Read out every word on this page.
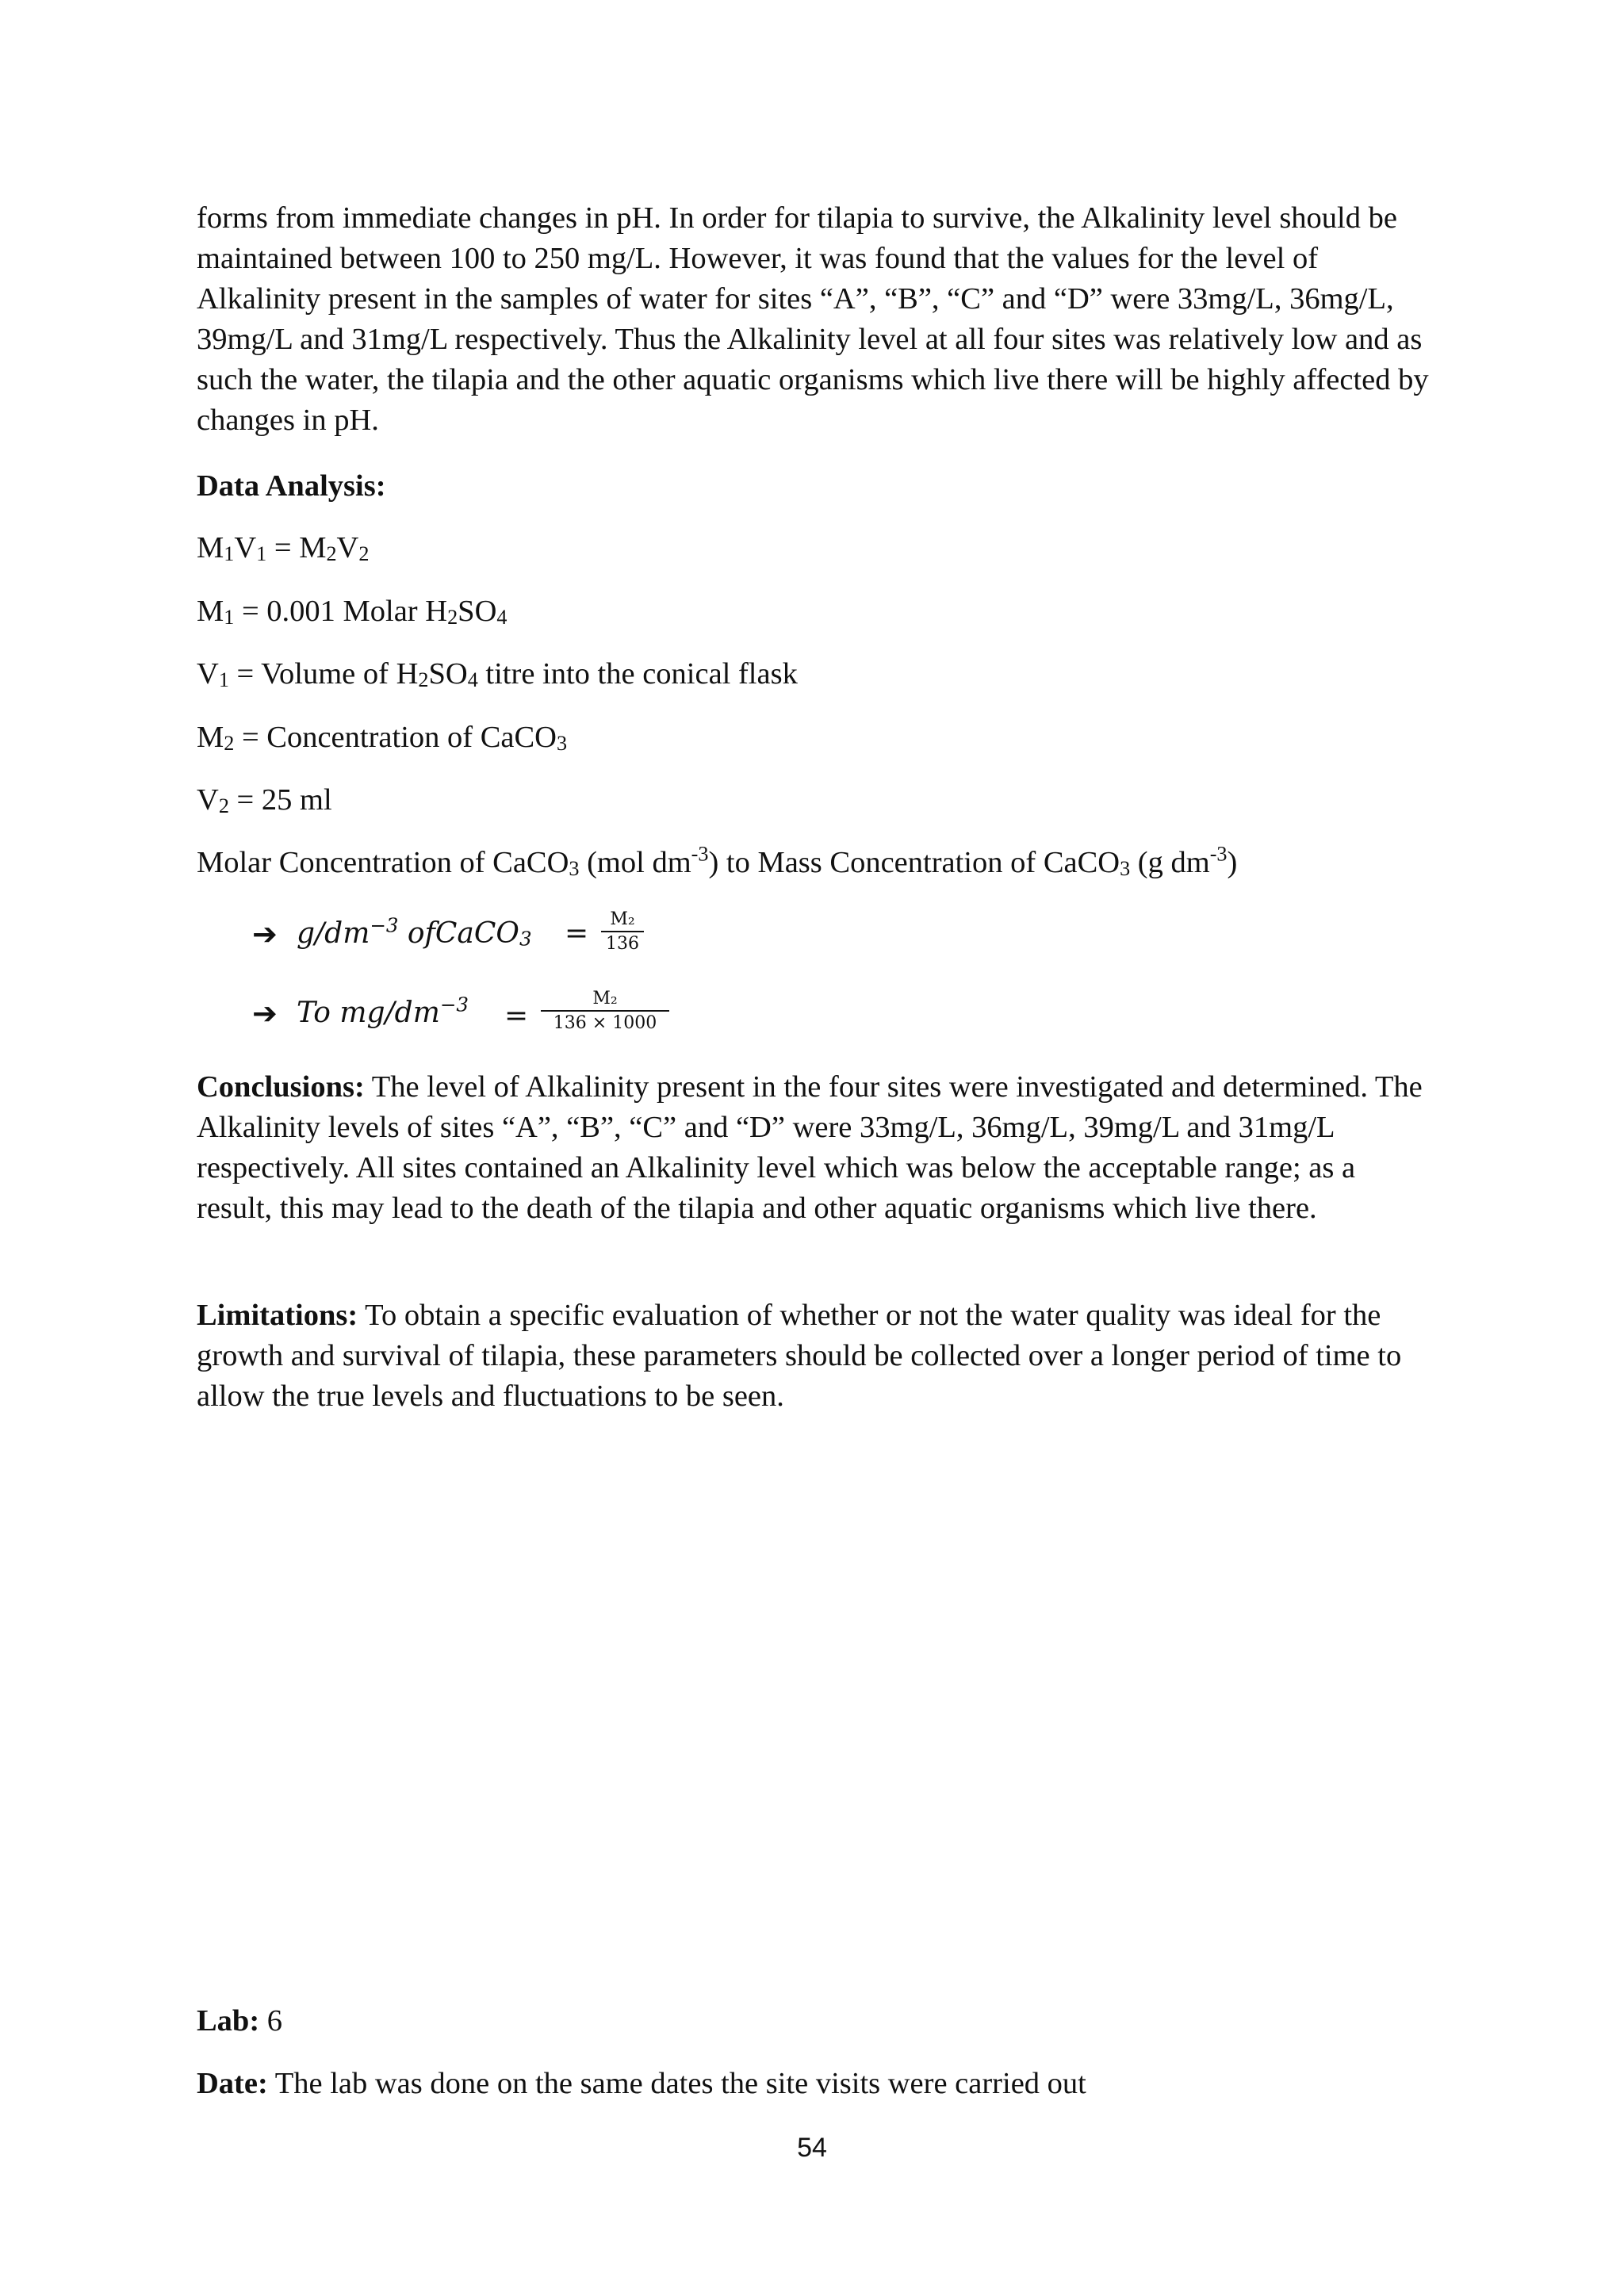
forms from immediate changes in pH. In order for tilapia to survive, the Alkalinity level should be maintained between 100 to 250 mg/L. However, it was found that the values for the level of Alkalinity present in the samples of water for sites “A”, “B”, “C” and “D” were 33mg/L, 36mg/L, 39mg/L and 31mg/L respectively. Thus the Alkalinity level at all four sites was relatively low and as such the water, the tilapia and the other aquatic organisms which live there will be highly affected by changes in pH.

Data Analysis:

$M_1V_1 = M_2V_2$

$M_1 = 0.001$ Molar $H_2SO_4$

$V_1$ = Volume of $H_2SO_4$ titre into the conical flask

$M_2$ = Concentration of CaCO$_3$

$V_2 = 25$ ml

Molar Concentration of CaCO$_3$ (mol $dm^{-3}$) to Mass Concentration of CaCO$_3$ (g $dm^{-3}$)

➔ $g/dm^{-3}$ ofCaCO$_3$ = $\frac{\text{M₂}}{136}$
➔ To $mg/dm^{-3} = \frac{\text{M₂}}{136 \times 1000}$

Conclusions: The level of Alkalinity present in the four sites were investigated and determined. The Alkalinity levels of sites “A”, “B”, “C” and “D” were 33mg/L, 36mg/L, 39mg/L and 31mg/L respectively. All sites contained an Alkalinity level which was below the acceptable range; as a result, this may lead to the death of the tilapia and other aquatic organisms which live there.

Limitations: To obtain a specific evaluation of whether or not the water quality was ideal for the growth and survival of tilapia, these parameters should be collected over a longer period of time to allow the true levels and fluctuations to be seen.

Lab: 6

Date: The lab was done on the same dates the site visits were carried out

54
